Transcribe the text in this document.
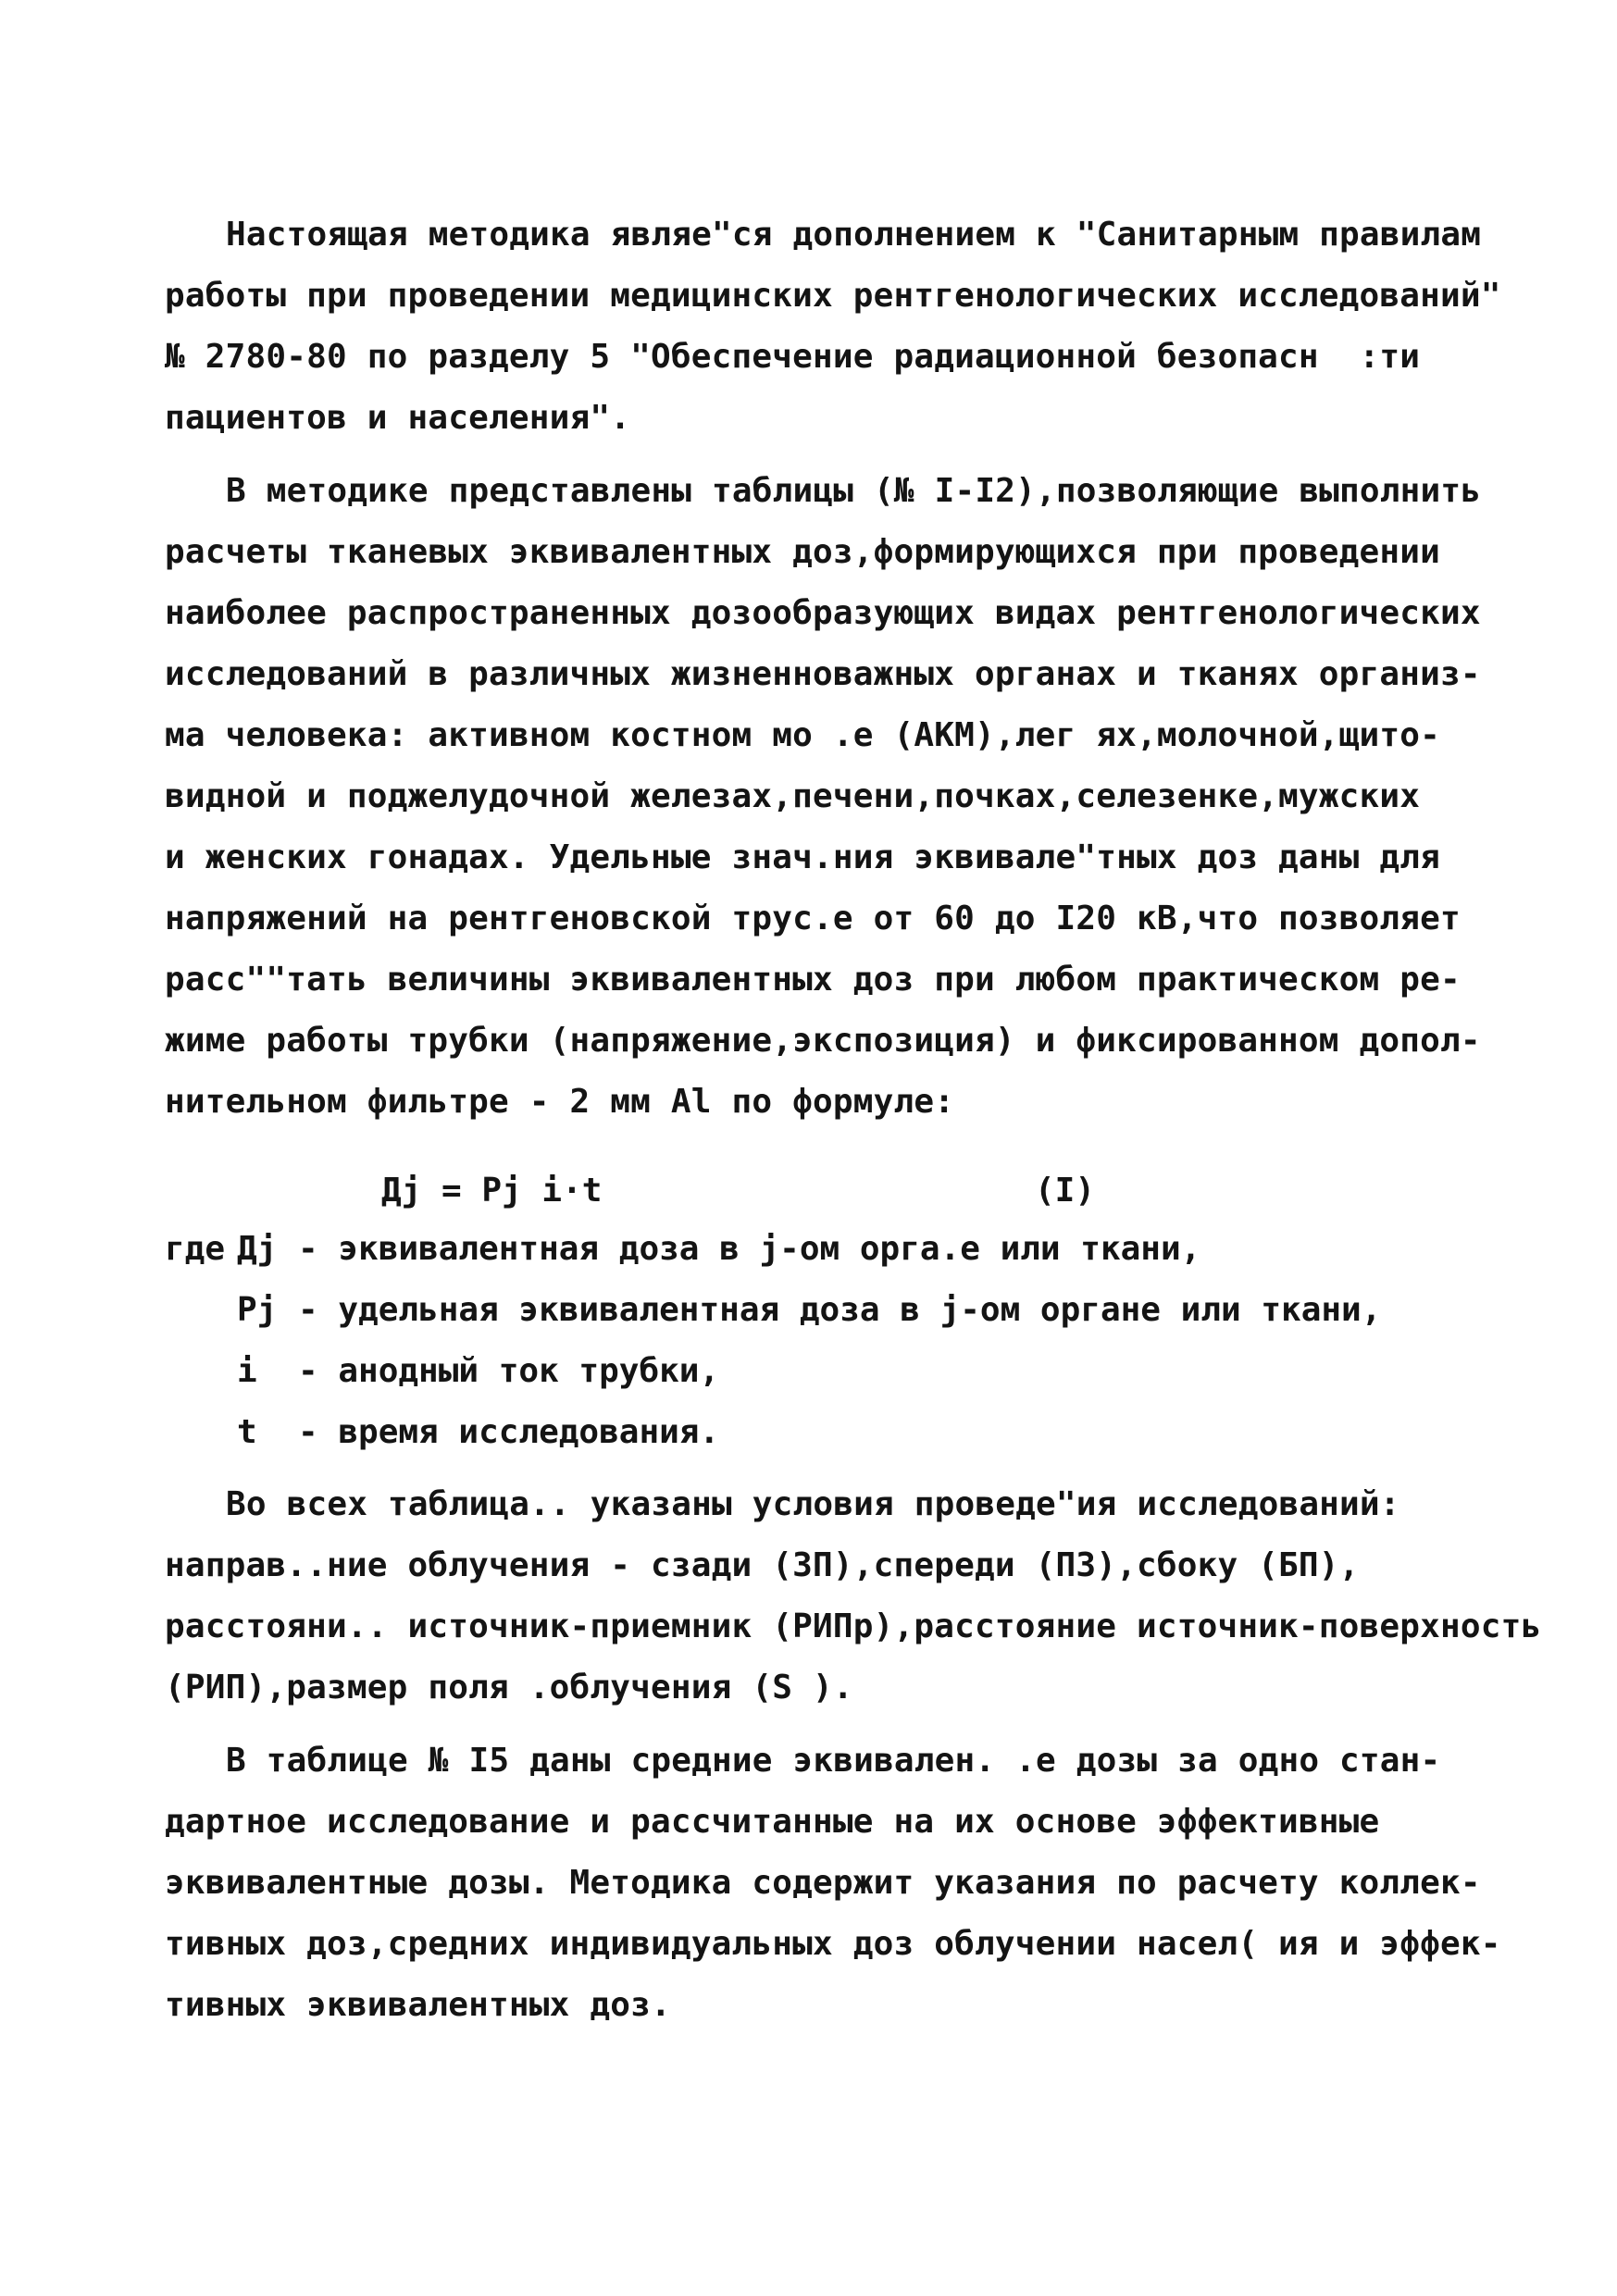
Настоящая методика являе"ся дополнением к "Санитарным правилам
работы при проведении медицинских рентгенологических исследований"
№ 2780-80 по разделу 5 "Обеспечение радиационной безопасн  :ти
пациентов и населения".
В методике представлены таблицы (№ I-I2),позволяющие выполнить
расчеты тканевых эквивалентных доз,формирующихся при проведении
наиболее распространенных дозообразующих видах рентгенологических
исследований в различных жизненноважных органах и тканях организ-
ма человека: активном костном мо .е (АКМ),лег ях,молочной,щито-
видной и поджелудочной железах,печени,почках,селезенке,мужских
и женских гонадах. Удельные знач.ния эквивале"тных доз даны для
напряжений на рентгеновской трус.е от 60 до I20 кВ,что позволяет
расс""тать величины эквивалентных доз при любом практическом ре-
жиме работы трубки (напряжение,экспозиция) и фиксированном допол-
нительном фильтре - 2 мм Al по формуле:
Дj = Pj i·t	(I)
где Дj - эквивалентная доза в j-ом орга.е или ткани,
Pj - удельная эквивалентная доза в j-ом органе или ткани,
i - анодный ток трубки,
t - время исследования.
Во всех таблица.. указаны условия проведе"ия исследований:
направ..ние облучения - сзади (ЗП),спереди (ПЗ),сбоку (БП),
расстояни.. источник-приемник (РИПр),расстояние источник-поверхность
(РИП),размер поля .облучения (S ).
В таблице № I5 даны средние эквивален. .е дозы за одно стан-
дартное исследование и рассчитанные на их основе эффективные
эквивалентные дозы. Методика содержит указания по расчету коллек-
тивных доз,средних индивидуальных доз облучении насел( ия и эффек-
тивных эквивалентных доз.
